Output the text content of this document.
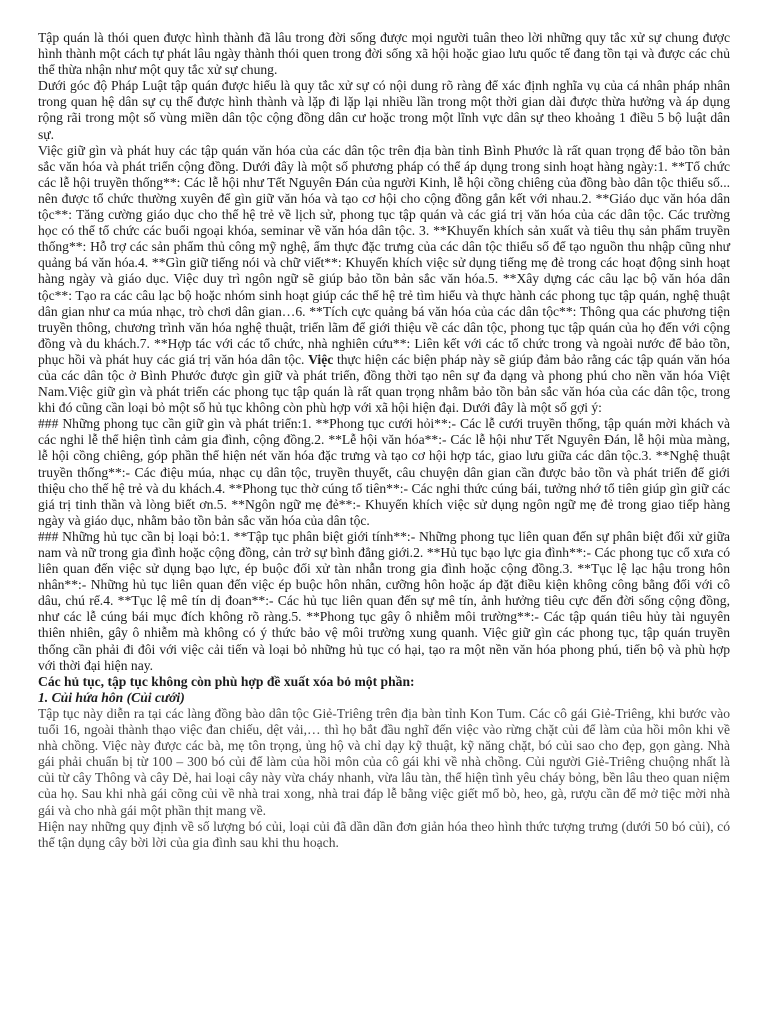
Tập quán là thói quen được hình thành đã lâu trong đời sống được mọi người tuân theo lời những quy tắc xử sự chung được hình thành một cách tự phát lâu ngày thành thói quen trong đời sống xã hội hoặc giao lưu quốc tế đang tồn tại và được các chủ thể thừa nhận như một quy tắc xử sự chung.

Dưới góc độ Pháp Luật tập quán được hiểu là quy tắc xử sự có nội dung rõ ràng để xác định nghĩa vụ của cá nhân pháp nhân trong quan hệ dân sự cụ thể được hình thành và lặp đi lặp lại nhiều lần trong một thời gian dài được thừa hưởng và áp dụng rộng rãi trong một số vùng miền dân tộc cộng đồng dân cư hoặc trong một lĩnh vực dân sự theo khoảng 1 điều 5 bộ luật dân sự.

Việc giữ gìn và phát huy các tập quán văn hóa của các dân tộc trên địa bàn tỉnh Bình Phước là rất quan trọng để bảo tồn bản sắc văn hóa và phát triển cộng đồng. Dưới đây là một số phương pháp có thể áp dụng trong sinh hoạt hàng ngày:1. **Tổ chức các lễ hội truyền thống**: Các lễ hội như Tết Nguyên Đán của người Kinh, lễ hội cồng chiêng của đồng bào dân tộc thiểu số... nên được tổ chức thường xuyên để gìn giữ văn hóa và tạo cơ hội cho cộng đồng gắn kết với nhau.2. **Giáo dục văn hóa dân tộc**: Tăng cường giáo dục cho thế hệ trẻ về lịch sử, phong tục tập quán và các giá trị văn hóa của các dân tộc. Các trường học có thể tổ chức các buổi ngoại khóa, seminar về văn hóa dân tộc. 3. **Khuyến khích sản xuất và tiêu thụ sản phẩm truyền thống**: Hỗ trợ các sản phẩm thủ công mỹ nghệ, ẩm thực đặc trưng của các dân tộc thiểu số để tạo nguồn thu nhập cũng như quảng bá văn hóa.4. **Gìn giữ tiếng nói và chữ viết**: Khuyến khích việc sử dụng tiếng mẹ đẻ trong các hoạt động sinh hoạt hàng ngày và giáo dục. Việc duy trì ngôn ngữ sẽ giúp bảo tồn bản sắc văn hóa.5. **Xây dựng các câu lạc bộ văn hóa dân tộc**: Tạo ra các câu lạc bộ hoặc nhóm sinh hoạt giúp các thế hệ trẻ tìm hiểu và thực hành các phong tục tập quán, nghệ thuật dân gian như ca múa nhạc, trò chơi dân gian…6. **Tích cực quảng bá văn hóa của các dân tộc**: Thông qua các phương tiện truyền thông, chương trình văn hóa nghệ thuật, triển lãm để giới thiệu về các dân tộc, phong tục tập quán của họ đến với cộng đồng và du khách.7. **Hợp tác với các tổ chức, nhà nghiên cứu**: Liên kết với các tổ chức trong và ngoài nước để bảo tồn, phục hồi và phát huy các giá trị văn hóa dân tộc. Việc thực hiện các biện pháp này sẽ giúp đảm bảo rằng các tập quán văn hóa của các dân tộc ở Bình Phước được gìn giữ và phát triển, đồng thời tạo nên sự đa dạng và phong phú cho nền văn hóa Việt Nam.Việc giữ gìn và phát triển các phong tục tập quán là rất quan trọng nhằm bảo tồn bản sắc văn hóa của các dân tộc, trong khi đó cũng cần loại bỏ một số hủ tục không còn phù hợp với xã hội hiện đại. Dưới đây là một số gợi ý:

### Những phong tục cần giữ gìn và phát triển:1. **Phong tục cưới hỏi**:- Các lễ cưới truyền thống, tập quán mời khách và các nghi lễ thể hiện tình cảm gia đình, cộng đồng.2. **Lễ hội văn hóa**:- Các lễ hội như Tết Nguyên Đán, lễ hội mùa màng, lễ hội cồng chiêng, góp phần thể hiện nét văn hóa đặc trưng và tạo cơ hội hợp tác, giao lưu giữa các dân tộc.3. **Nghệ thuật truyền thống**:- Các điệu múa, nhạc cụ dân tộc, truyền thuyết, câu chuyện dân gian cần được bảo tồn và phát triển để giới thiệu cho thế hệ trẻ và du khách.4. **Phong tục thờ cúng tổ tiên**:- Các nghi thức cúng bái, tưởng nhớ tổ tiên giúp gìn giữ các giá trị tinh thần và lòng biết ơn.5. **Ngôn ngữ mẹ đẻ**:- Khuyến khích việc sử dụng ngôn ngữ mẹ đẻ trong giao tiếp hàng ngày và giáo dục, nhằm bảo tồn bản sắc văn hóa của dân tộc.

### Những hủ tục cần bị loại bỏ:1. **Tập tục phân biệt giới tính**:- Những phong tục liên quan đến sự phân biệt đối xử giữa nam và nữ trong gia đình hoặc cộng đồng, cản trở sự bình đẳng giới.2. **Hủ tục bạo lực gia đình**:- Các phong tục cổ xưa có liên quan đến việc sử dụng bạo lực, ép buộc đối xử tàn nhẫn trong gia đình hoặc cộng đồng.3. **Tục lệ lạc hậu trong hôn nhân**:- Những hủ tục liên quan đến việc ép buộc hôn nhân, cưỡng hôn hoặc áp đặt điều kiện không công bằng đối với cô dâu, chú rể.4. **Tục lệ mê tín dị đoan**:- Các hủ tục liên quan đến sự mê tín, ảnh hưởng tiêu cực đến đời sống cộng đồng, như các lễ cúng bái mục đích không rõ ràng.5. **Phong tục gây ô nhiễm môi trường**:- Các tập quán tiêu hủy tài nguyên thiên nhiên, gây ô nhiễm mà không có ý thức bảo vệ môi trường xung quanh. Việc giữ gìn các phong tục, tập quán truyền thống cần phải đi đôi với việc cải tiến và loại bỏ những hủ tục có hại, tạo ra một nền văn hóa phong phú, tiến bộ và phù hợp với thời đại hiện nay.

Các hủ tục, tập tục không còn phù hợp đề xuất xóa bỏ một phần:

1. Củi hứa hôn (Củi cưới)

Tập tục này diễn ra tại các làng đồng bào dân tộc Giẻ-Triêng trên địa bàn tỉnh Kon Tum. Các cô gái Giẻ-Triêng, khi bước vào tuổi 16, ngoài thành thạo việc đan chiếu, dệt vải,… thì họ bắt đầu nghĩ đến việc vào rừng chặt củi để làm của hồi môn khi về nhà chồng. Việc này được các bà, mẹ tôn trọng, ủng hộ và chỉ dạy kỹ thuật, kỹ năng chặt, bó củi sao cho đẹp, gọn gàng. Nhà gái phải chuẩn bị từ 100 – 300 bó củi để làm của hồi môn của cô gái khi về nhà chồng. Củi người Giẻ-Triêng chuộng nhất là củi từ cây Thông và cây Dẻ, hai loại cây này vừa cháy nhanh, vừa lâu tàn, thể hiện tình yêu cháy bỏng, bền lâu theo quan niệm của họ. Sau khi nhà gái cõng củi về nhà trai xong, nhà trai đáp lễ bằng việc giết mổ bò, heo, gà, rượu cần để mở tiệc mời nhà gái và cho nhà gái một phần thịt mang về.

Hiện nay những quy định về số lượng bó củi, loại củi đã dần dần đơn giản hóa theo hình thức tượng trưng (dưới 50 bó củi), có thể tận dụng cây bời lời của gia đình sau khi thu hoạch.
